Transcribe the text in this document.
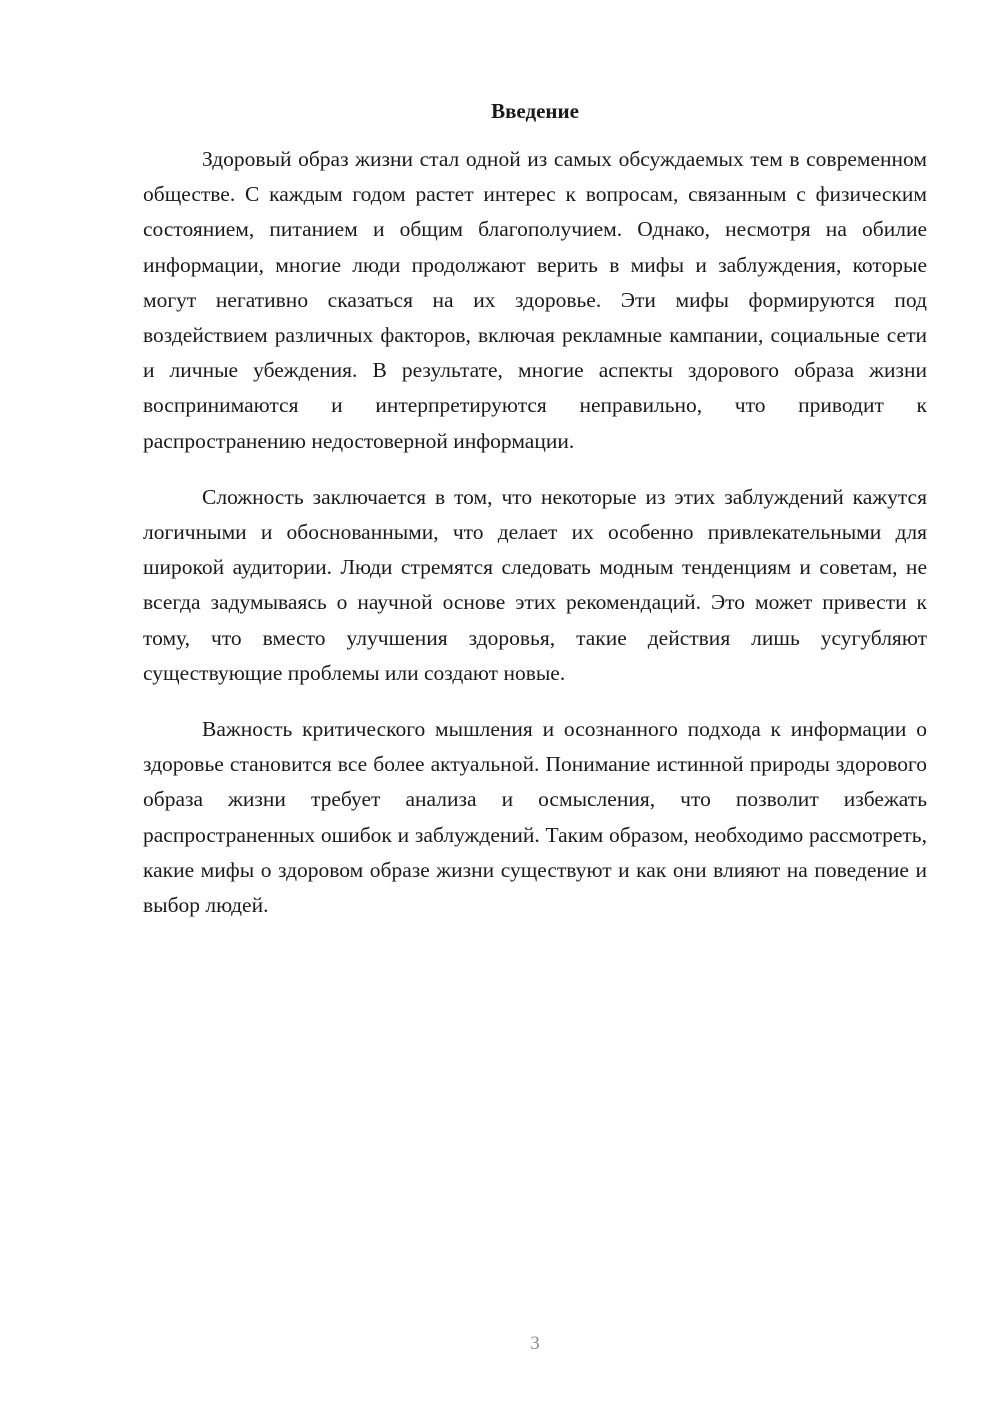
Введение

Здоровый образ жизни стал одной из самых обсуждаемых тем в современном обществе. С каждым годом растет интерес к вопросам, связанным с физическим состоянием, питанием и общим благополучием. Однако, несмотря на обилие информации, многие люди продолжают верить в мифы и заблуждения, которые могут негативно сказаться на их здоровье. Эти мифы формируются под воздействием различных факторов, включая рекламные кампании, социальные сети и личные убеждения. В результате, многие аспекты здорового образа жизни воспринимаются и интерпретируются неправильно, что приводит к распространению недостоверной информации.

Сложность заключается в том, что некоторые из этих заблуждений кажутся логичными и обоснованными, что делает их особенно привлекательными для широкой аудитории. Люди стремятся следовать модным тенденциям и советам, не всегда задумываясь о научной основе этих рекомендаций. Это может привести к тому, что вместо улучшения здоровья, такие действия лишь усугубляют существующие проблемы или создают новые.

Важность критического мышления и осознанного подхода к информации о здоровье становится все более актуальной. Понимание истинной природы здорового образа жизни требует анализа и осмысления, что позволит избежать распространенных ошибок и заблуждений. Таким образом, необходимо рассмотреть, какие мифы о здоровом образе жизни существуют и как они влияют на поведение и выбор людей.

3
